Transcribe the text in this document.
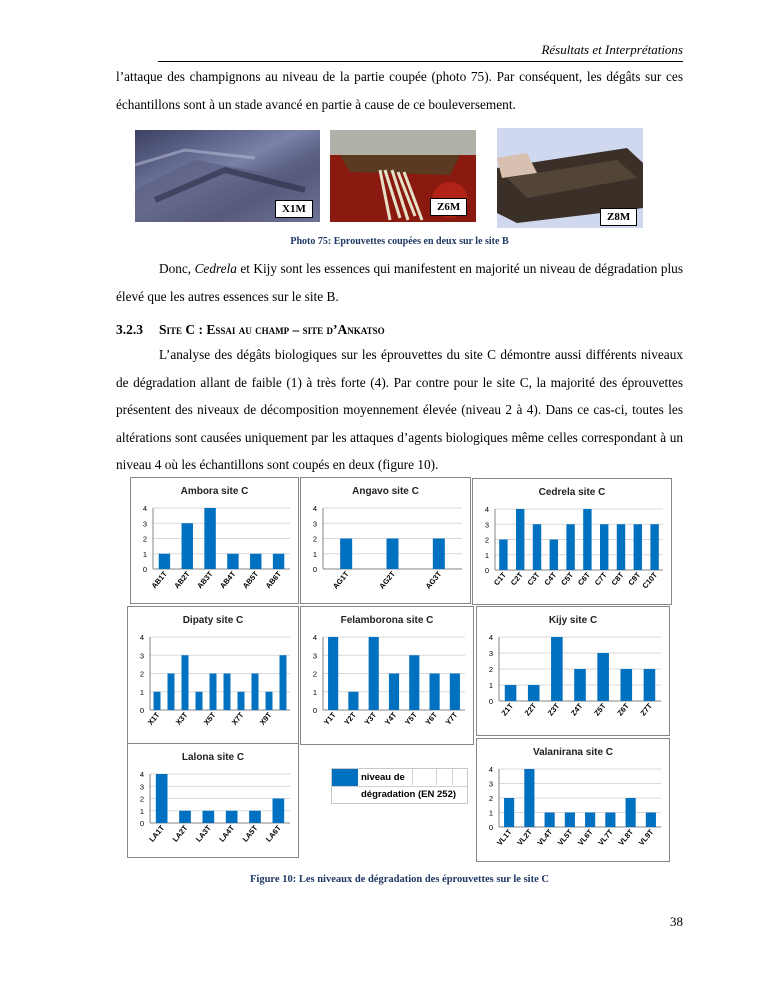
Résultats et Interprétations
l’attaque des champignons au niveau de la partie coupée (photo 75). Par conséquent, les dégâts sur ces échantillons sont à un stade avancé en partie à cause de ce bouleversement.
X1M	Z6M
Z8M
Photo 75: Eprouvettes coupées en deux sur le site B
Donc, Cedrela et Kijy sont les essences qui manifestent en majorité un niveau de dégradation plus élevé que les autres essences sur le site B.
3.2.3 Site C : Essai au champ – site d’Ankatso
L’analyse des dégâts biologiques sur les éprouvettes du site C démontre aussi différents niveaux de dégradation allant de faible (1) à très forte (4). Par contre pour le site C, la majorité des éprouvettes présentent des niveaux de décomposition moyennement élevée (niveau 2 à 4). Dans ce cas-ci, toutes les altérations sont causées uniquement par les attaques d’agents biologiques même celles correspondant à un niveau 4 où les échantillons sont coupés en deux (figure 10).
Ambora site C
0
1
2
3
4
AB1T AB2T AB3T AB4T AB5T AB6T
Angavo site C
0
1
2
3
4
AG1T	AG2T	AG3T
Cedrela site C
0
1
2
3
4
C1T C2T C3T C4T C5T C6T C7T C8T C9T
C10T
Dipaty site C
0
1
2
3
4
X1T X3T X5T X7T X9T
Felamborona site C
0
1
2
3
4
Y1T Y2T Y3T Y4T Y5T Y6T Y7T
Kijy site C
0
1
2
3
4
Z1T Z2T Z3T Z4T Z5T Z6T Z7T
Lalona site C
0
1
2
3
4
LA1T LA2T LA3T LA4T LA5T LA6T
Valanirana site C
0
1
2
3
4
VL1T VL2T VL4T VL5T VL6T VL7T VL8T VL9T
niveau de
dégradation (EN 252)
Figure 10: Les niveaux de dégradation des éprouvettes sur le site C
38
